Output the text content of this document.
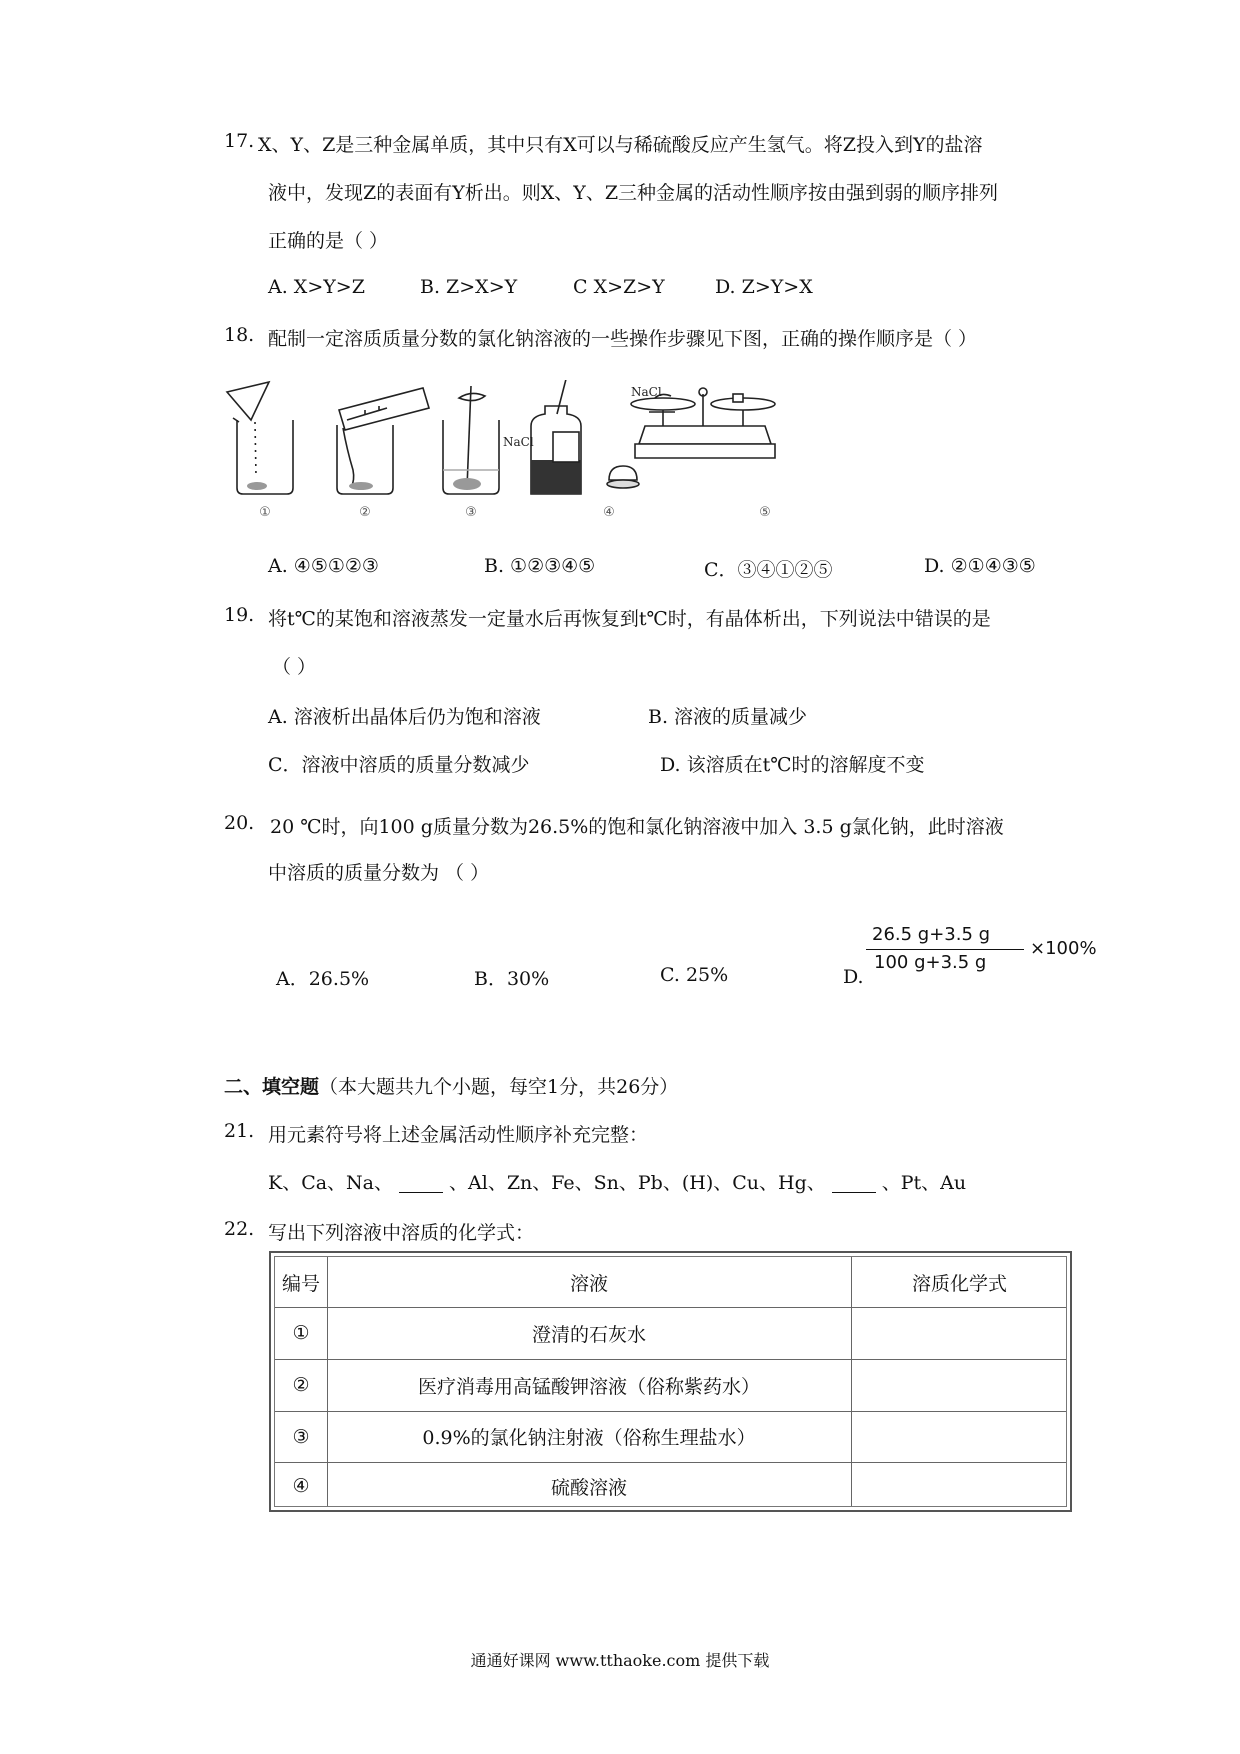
17. X、Y、Z是三种金属单质，其中只有X可以与稀硫酸反应产生氢气。将Z投入到Y的盐溶
液中，发现Z的表面有Y析出。则X、Y、Z三种金属的活动性顺序按由强到弱的顺序排列
正确的是（ ）
A. X>Y>Z	B. Z>X>Y	C X>Z>Y	D. Z>Y>X
18. 配制一定溶质质量分数的氯化钠溶液的一些操作步骤见下图，正确的操作顺序是（ ）
NaCl
NaCl
①	②	③	④	⑤
A. ④⑤①②③	B. ①②③④⑤	C．③④①②⑤	D. ②①④③⑤
19. 将t℃的某饱和溶液蒸发一定量水后再恢复到t℃时，有晶体析出，下列说法中错误的是
（ ）
A. 溶液析出晶体后仍为饱和溶液	B. 溶液的质量减少
C．溶液中溶质的质量分数减少	D. 该溶质在t℃时的溶解度不变
20. 20 ℃时，向100 g质量分数为26.5%的饱和氯化钠溶液中加入 3.5 g氯化钠，此时溶液
中溶质的质量分数为 （ ）
A．26.5%	B．30%	C. 25%	D.
26.5 g+3.5 g
100 g+3.5 g
×100%
二、填空题（本大题共九个小题，每空1分，共26分）
21. 用元素符号将上述金属活动性顺序补充完整：
K、Ca、Na、	、Al、Zn、Fe、Sn、Pb、(H)、Cu、Hg、	、Pt、Au
22. 写出下列溶液中溶质的化学式：
编号	溶液	溶质化学式
①	澄清的石灰水
②	医疗消毒用高锰酸钾溶液（俗称紫药水）
③	0.9%的氯化钠注射液（俗称生理盐水）
④	硫酸溶液
通通好课网 www.tthaoke.com 提供下载
